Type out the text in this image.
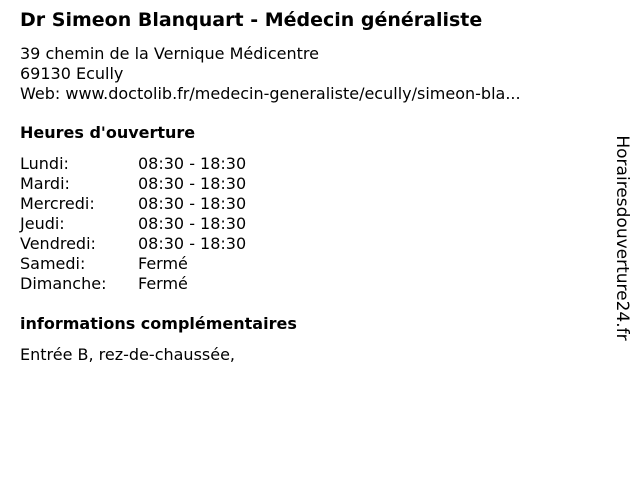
Dr Simeon Blanquart - Médecin généraliste
39 chemin de la Vernique Médicentre
69130 Ecully
Web: www.doctolib.fr/medecin-generaliste/ecully/simeon-bla...
Heures d'ouverture
Lundi:	08:30 - 18:30
Mardi:	08:30 - 18:30
Mercredi:	08:30 - 18:30
Jeudi:	08:30 - 18:30
Vendredi:	08:30 - 18:30
Samedi:	Fermé
Dimanche:	Fermé
informations complémentaires
Entrée B, rez-de-chaussée,
Horairesdouverture24.fr
